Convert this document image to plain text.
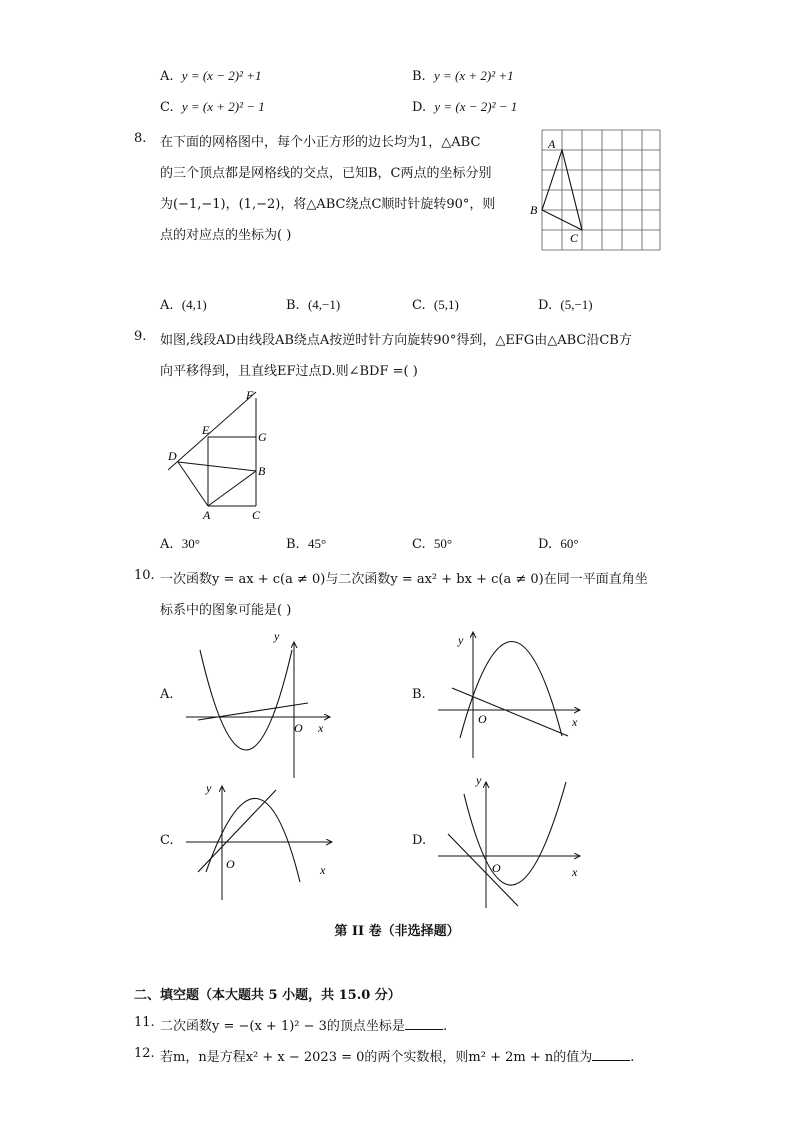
A. y = (x − 2)² +1	B. y = (x + 2)² +1
C. y = (x + 2)² − 1	D. y = (x − 2)² − 1
8. 在下面的网格图中，每个小正方形的边长均为1，△ABC
的三个顶点都是网格线的交点，已知B，C两点的坐标分别
为(−1,−1)，(1,−2)，将△ABC绕点C顺时针旋转90°，则
点的对应点的坐标为( )
A
B
C
A. (4,1)	B. (4,−1)	C. (5,1)	D. (5,−1)
9. 如图,线段AD由线段AB绕点A按逆时针方向旋转90°得到，△EFG由△ABC沿CB方
向平移得到，且直线EF过点D.则∠BDF =( )
F
E	G
D
B
A	C
A. 30°	B. 45°	C. 50°	D. 60°
10. 一次函数y = ax + c(a ≠ 0)与二次函数y = ax² + bx + c(a ≠ 0)在同一平面直角坐
标系中的图象可能是( )
A.
y
x
O
B.
y
x
O
C.
y
x
O
D.
y
x
O
第 II 卷（非选择题）
二、填空题（本大题共 5 小题，共 15.0 分）
11. 二次函数y = −(x + 1)² − 3的顶点坐标是	.
12. 若m，n是方程x² + x − 2023 = 0的两个实数根，则m² + 2m + n的值为	.
